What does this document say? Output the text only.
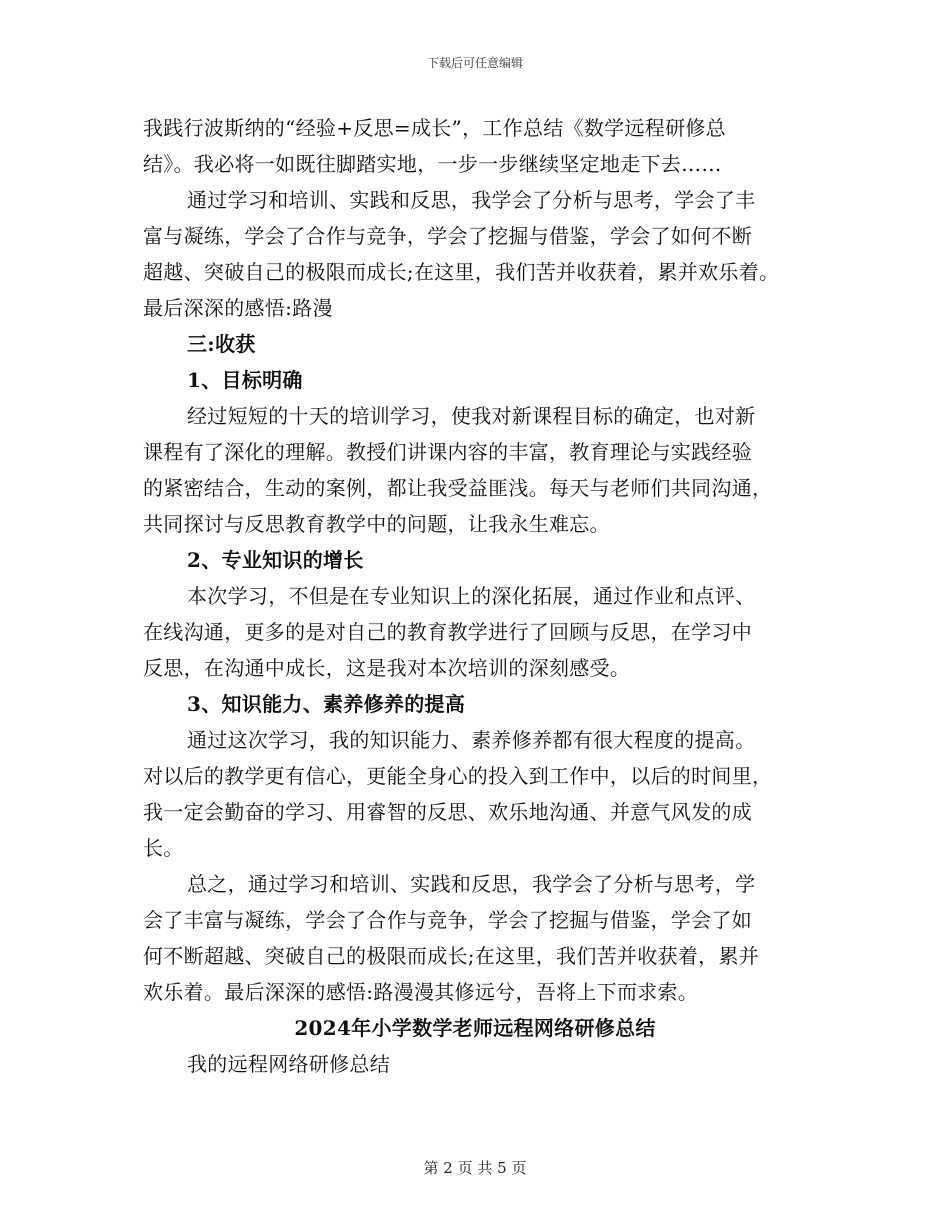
下载后可任意编辑
我践行波斯纳的“经验+反思=成长”，工作总结《数学远程研修总
结》。我必将一如既往脚踏实地，一步一步继续坚定地走下去……
通过学习和培训、实践和反思，我学会了分析与思考，学会了丰
富与凝练，学会了合作与竞争，学会了挖掘与借鉴，学会了如何不断
超越、突破自己的极限而成长;在这里，我们苦并收获着，累并欢乐着。
最后深深的感悟:路漫
三:收获
1、目标明确
经过短短的十天的培训学习，使我对新课程目标的确定，也对新
课程有了深化的理解。教授们讲课内容的丰富，教育理论与实践经验
的紧密结合，生动的案例，都让我受益匪浅。每天与老师们共同沟通，
共同探讨与反思教育教学中的问题，让我永生难忘。
2、专业知识的增长
本次学习，不但是在专业知识上的深化拓展，通过作业和点评、
在线沟通，更多的是对自己的教育教学进行了回顾与反思，在学习中
反思，在沟通中成长，这是我对本次培训的深刻感受。
3、知识能力、素养修养的提高
通过这次学习，我的知识能力、素养修养都有很大程度的提高。
对以后的教学更有信心，更能全身心的投入到工作中，以后的时间里，
我一定会勤奋的学习、用睿智的反思、欢乐地沟通、并意气风发的成
长。
总之，通过学习和培训、实践和反思，我学会了分析与思考，学
会了丰富与凝练，学会了合作与竞争，学会了挖掘与借鉴，学会了如
何不断超越、突破自己的极限而成长;在这里，我们苦并收获着，累并
欢乐着。最后深深的感悟:路漫漫其修远兮，吾将上下而求索。
2024年小学数学老师远程网络研修总结
我的远程网络研修总结
第 2 页 共 5 页
